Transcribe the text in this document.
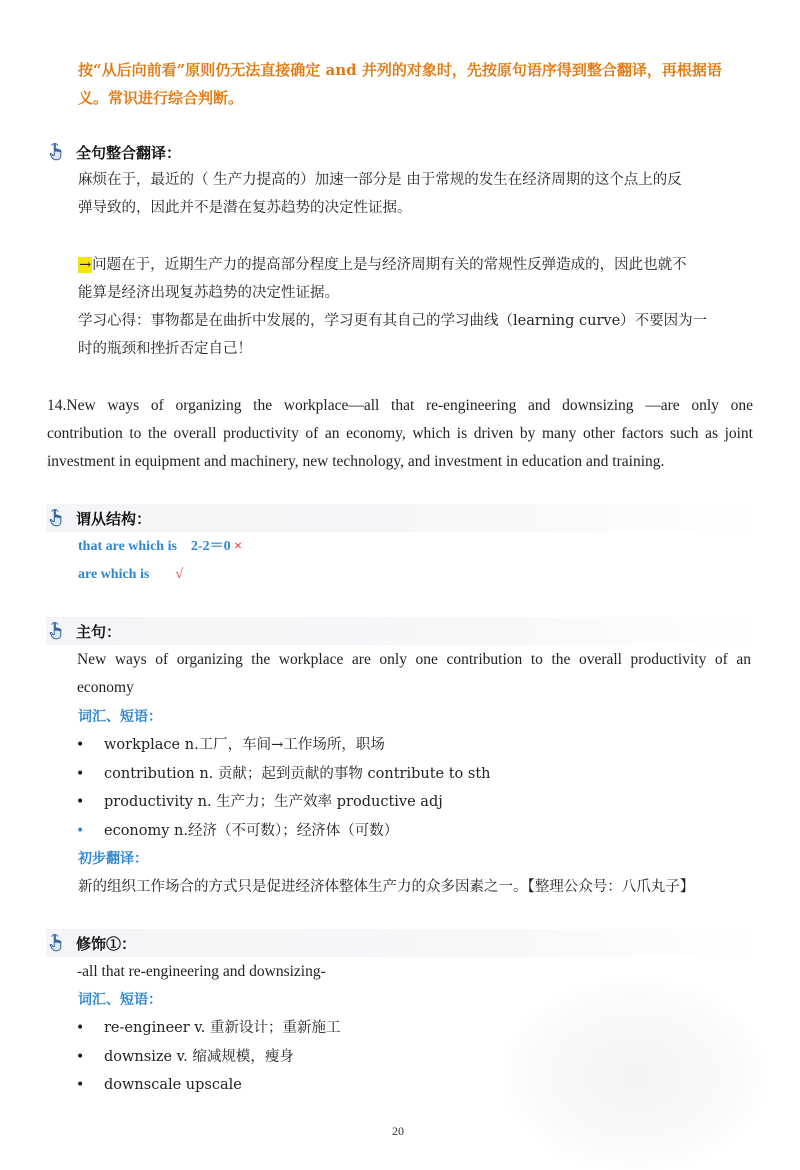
按“从后向前看”原则仍无法直接确定 and 并列的对象时，先按原句语序得到整合翻译，再根据语
义。常识进行综合判断。
全句整合翻译：
麻烦在于，最近的（ 生产力提高的）加速一部分是 由于常规的发生在经济周期的这个点上的反
弹导致的，因此并不是潜在复苏趋势的决定性证据。
→问题在于，近期生产力的提高部分程度上是与经济周期有关的常规性反弹造成的，因此也就不
能算是经济出现复苏趋势的决定性证据。
学习心得：事物都是在曲折中发展的，学习更有其自己的学习曲线（learning curve）不要因为一
时的瓶颈和挫折否定自己！
14.New ways of organizing the workplace—all that re-engineering and downsizing —are only one
contribution to the overall productivity of an economy, which is driven by many other factors such as joint
investment in equipment and machinery, new technology, and investment in education and training.
谓从结构：
that are which is    2-2＝0 ×
are which is √
主句：
New ways of organizing the workplace are only one contribution to the overall productivity of an
economy
词汇、短语：
• workplace n.工厂，车间→工作场所，职场
• contribution n. 贡献；起到贡献的事物 contribute to sth
• productivity n. 生产力；生产效率 productive adj
• economy n.经济（不可数）；经济体（可数）
初步翻译：
新的组织工作场合的方式只是促进经济体整体生产力的众多因素之一。【整理公众号：八爪丸子】
修饰①：
-all that re-engineering and downsizing-
词汇、短语：
• re-engineer v. 重新设计；重新施工
• downsize v. 缩减规模，瘦身
• downscale upscale
20
